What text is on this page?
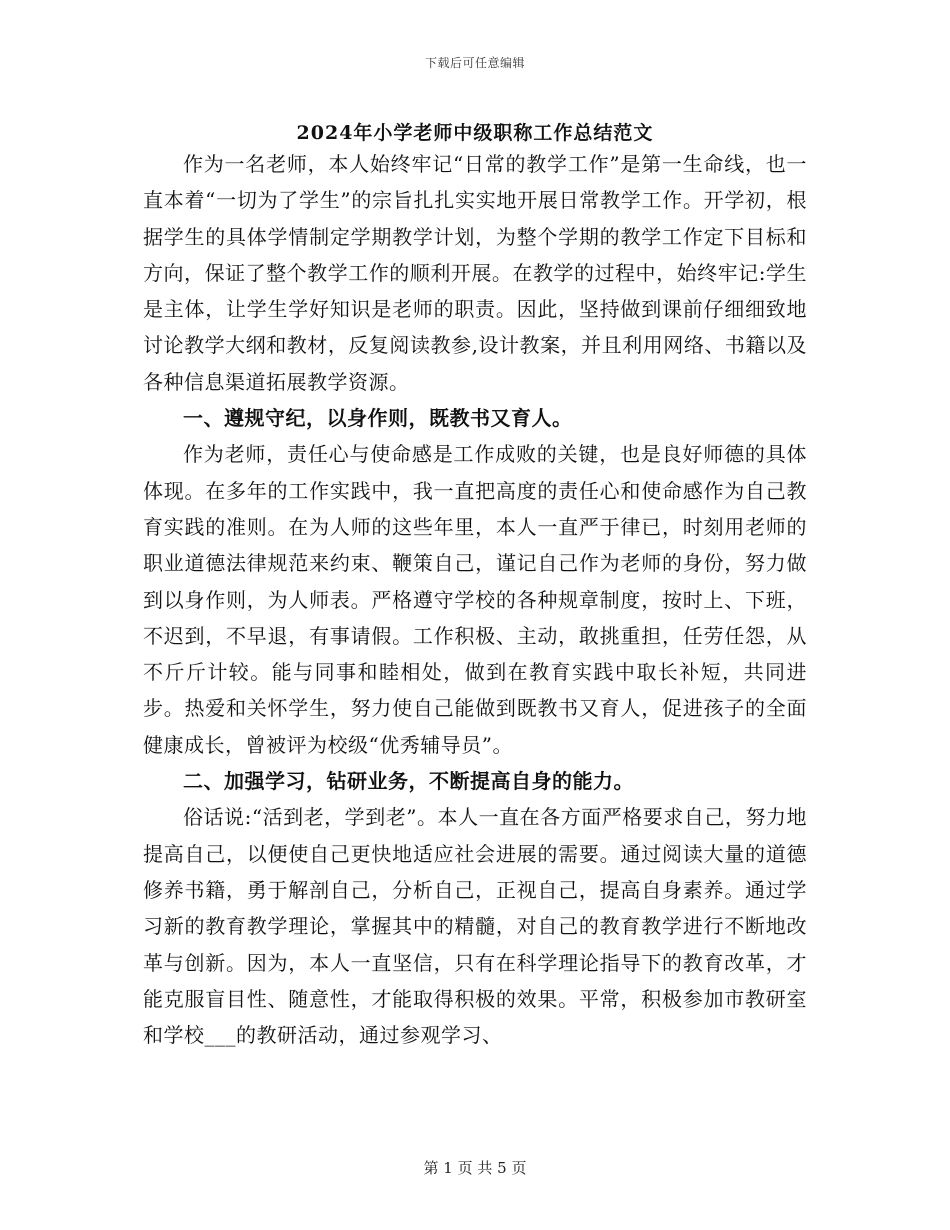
下载后可任意编辑
2024年小学老师中级职称工作总结范文

作为一名老师，本人始终牢记“日常的教学工作”是第一生命线，也一直本着“一切为了学生”的宗旨扎扎实实地开展日常教学工作。开学初，根据学生的具体学情制定学期教学计划，为整个学期的教学工作定下目标和方向，保证了整个教学工作的顺利开展。在教学的过程中，始终牢记:学生是主体，让学生学好知识是老师的职责。因此，坚持做到课前仔细细致地讨论教学大纲和教材，反复阅读教参,设计教案，并且利用网络、书籍以及各种信息渠道拓展教学资源。

一、遵规守纪，以身作则，既教书又育人。

作为老师，责任心与使命感是工作成败的关键，也是良好师德的具体体现。在多年的工作实践中，我一直把高度的责任心和使命感作为自己教育实践的准则。在为人师的这些年里，本人一直严于律已，时刻用老师的职业道德法律规范来约束、鞭策自己，谨记自己作为老师的身份，努力做到以身作则，为人师表。严格遵守学校的各种规章制度，按时上、下班，不迟到，不早退，有事请假。工作积极、主动，敢挑重担，任劳任怨，从不斤斤计较。能与同事和睦相处，做到在教育实践中取长补短，共同进步。热爱和关怀学生，努力使自己能做到既教书又育人，促进孩子的全面健康成长，曾被评为校级“优秀辅导员”。

二、加强学习，钻研业务，不断提高自身的能力。

俗话说:“活到老，学到老”。本人一直在各方面严格要求自己，努力地提高自己，以便使自己更快地适应社会进展的需要。通过阅读大量的道德修养书籍，勇于解剖自己，分析自己，正视自己，提高自身素养。通过学习新的教育教学理论，掌握其中的精髓，对自己的教育教学进行不断地改革与创新。因为，本人一直坚信，只有在科学理论指导下的教育改革，才能克服盲目性、随意性，才能取得积极的效果。平常，积极参加市教研室和学校___的教研活动，通过参观学习、

第 1 页 共 5 页
